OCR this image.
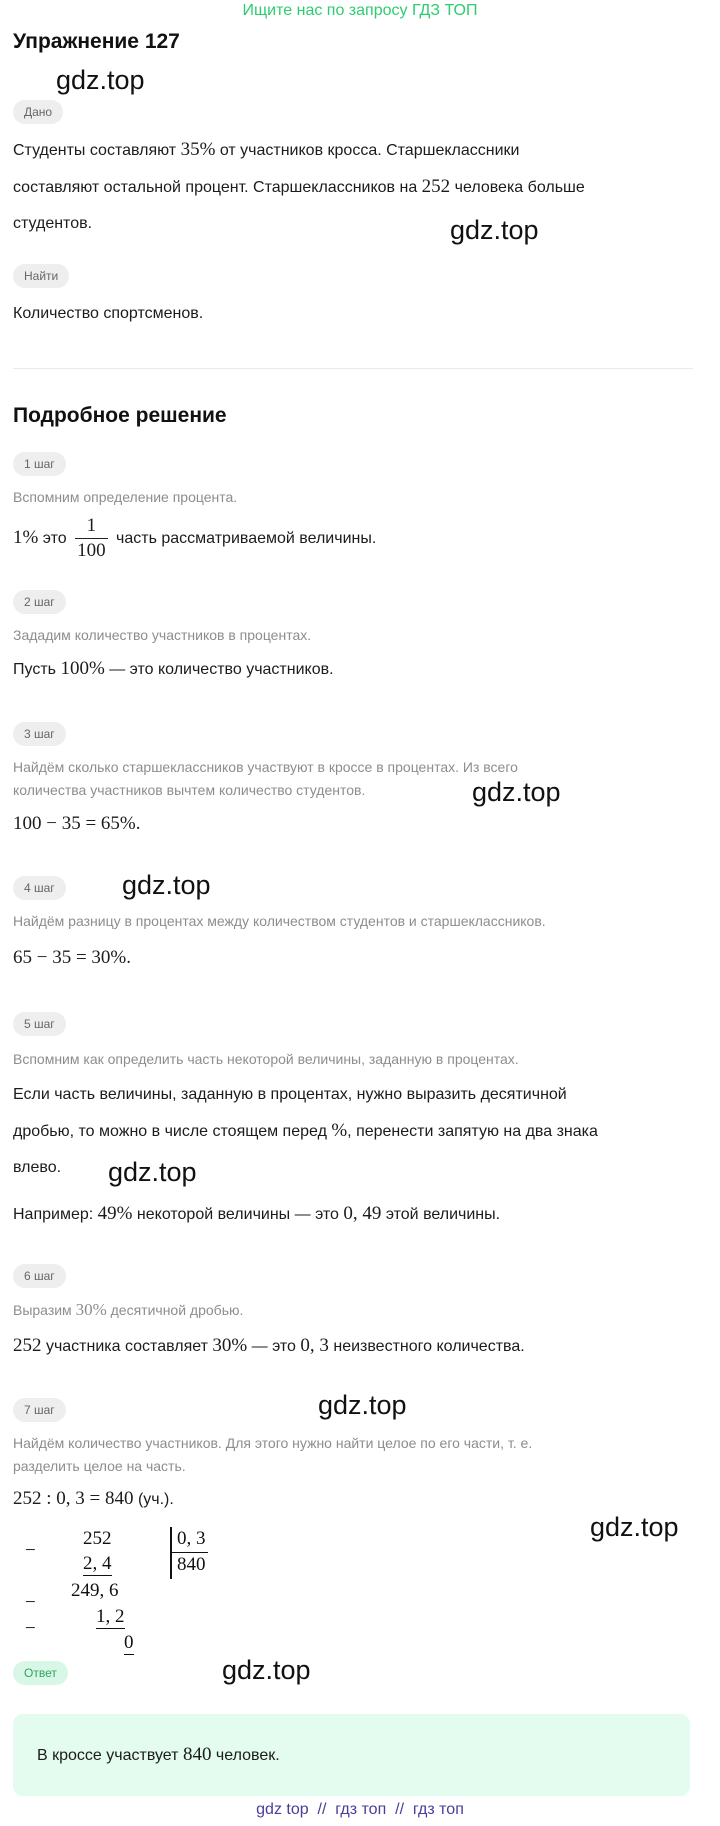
Ищите нас по запросу ГДЗ ТОП
Упражнение 127
gdz.top
gdz.top
gdz.top
gdz.top
gdz.top
gdz.top
gdz.top
gdz.top
Дано
Студенты составляют 35% от участников кросса. Старшеклассники
составляют остальной процент. Старшеклассников на 252 человека больше
студентов.
Найти
Количество спортсменов.
Подробное решение
1 шаг
Вспомним определение процента.
1% это $\frac{1}{100}$ часть рассматриваемой величины.
2 шаг
Зададим количество участников в процентах.
Пусть 100% — это количество участников.
3 шаг
Найдём сколько старшеклассников участвуют в кроссе в процентах. Из всего
количества участников вычтем количество студентов.
100 − 35 = 65%.
4 шаг
Найдём разницу в процентах между количеством студентов и старшеклассников.
65 − 35 = 30%.
5 шаг
Вспомним как определить часть некоторой величины, заданную в процентах.
Если часть величины, заданную в процентах, нужно выразить десятичной
дробью, то можно в числе стоящем перед %, перенести запятую на два знака
влево.
Например: 49% некоторой величины — это 0, 49 этой величины.
6 шаг
Выразим 30% десятичной дробью.
252 участника составляет 30% — это 0, 3 неизвестного количества.
7 шаг
Найдём количество участников. Для этого нужно найти целое по его части, т. е.
разделить целое на часть.
252 : 0, 3 = 840 (уч.).
−
252
2, 4
−
249, 6
−
1, 2
0
0, 3
840
Ответ
В кроссе участвует 840 человек.
gdz top  //  гдз топ  //  гдз топ
